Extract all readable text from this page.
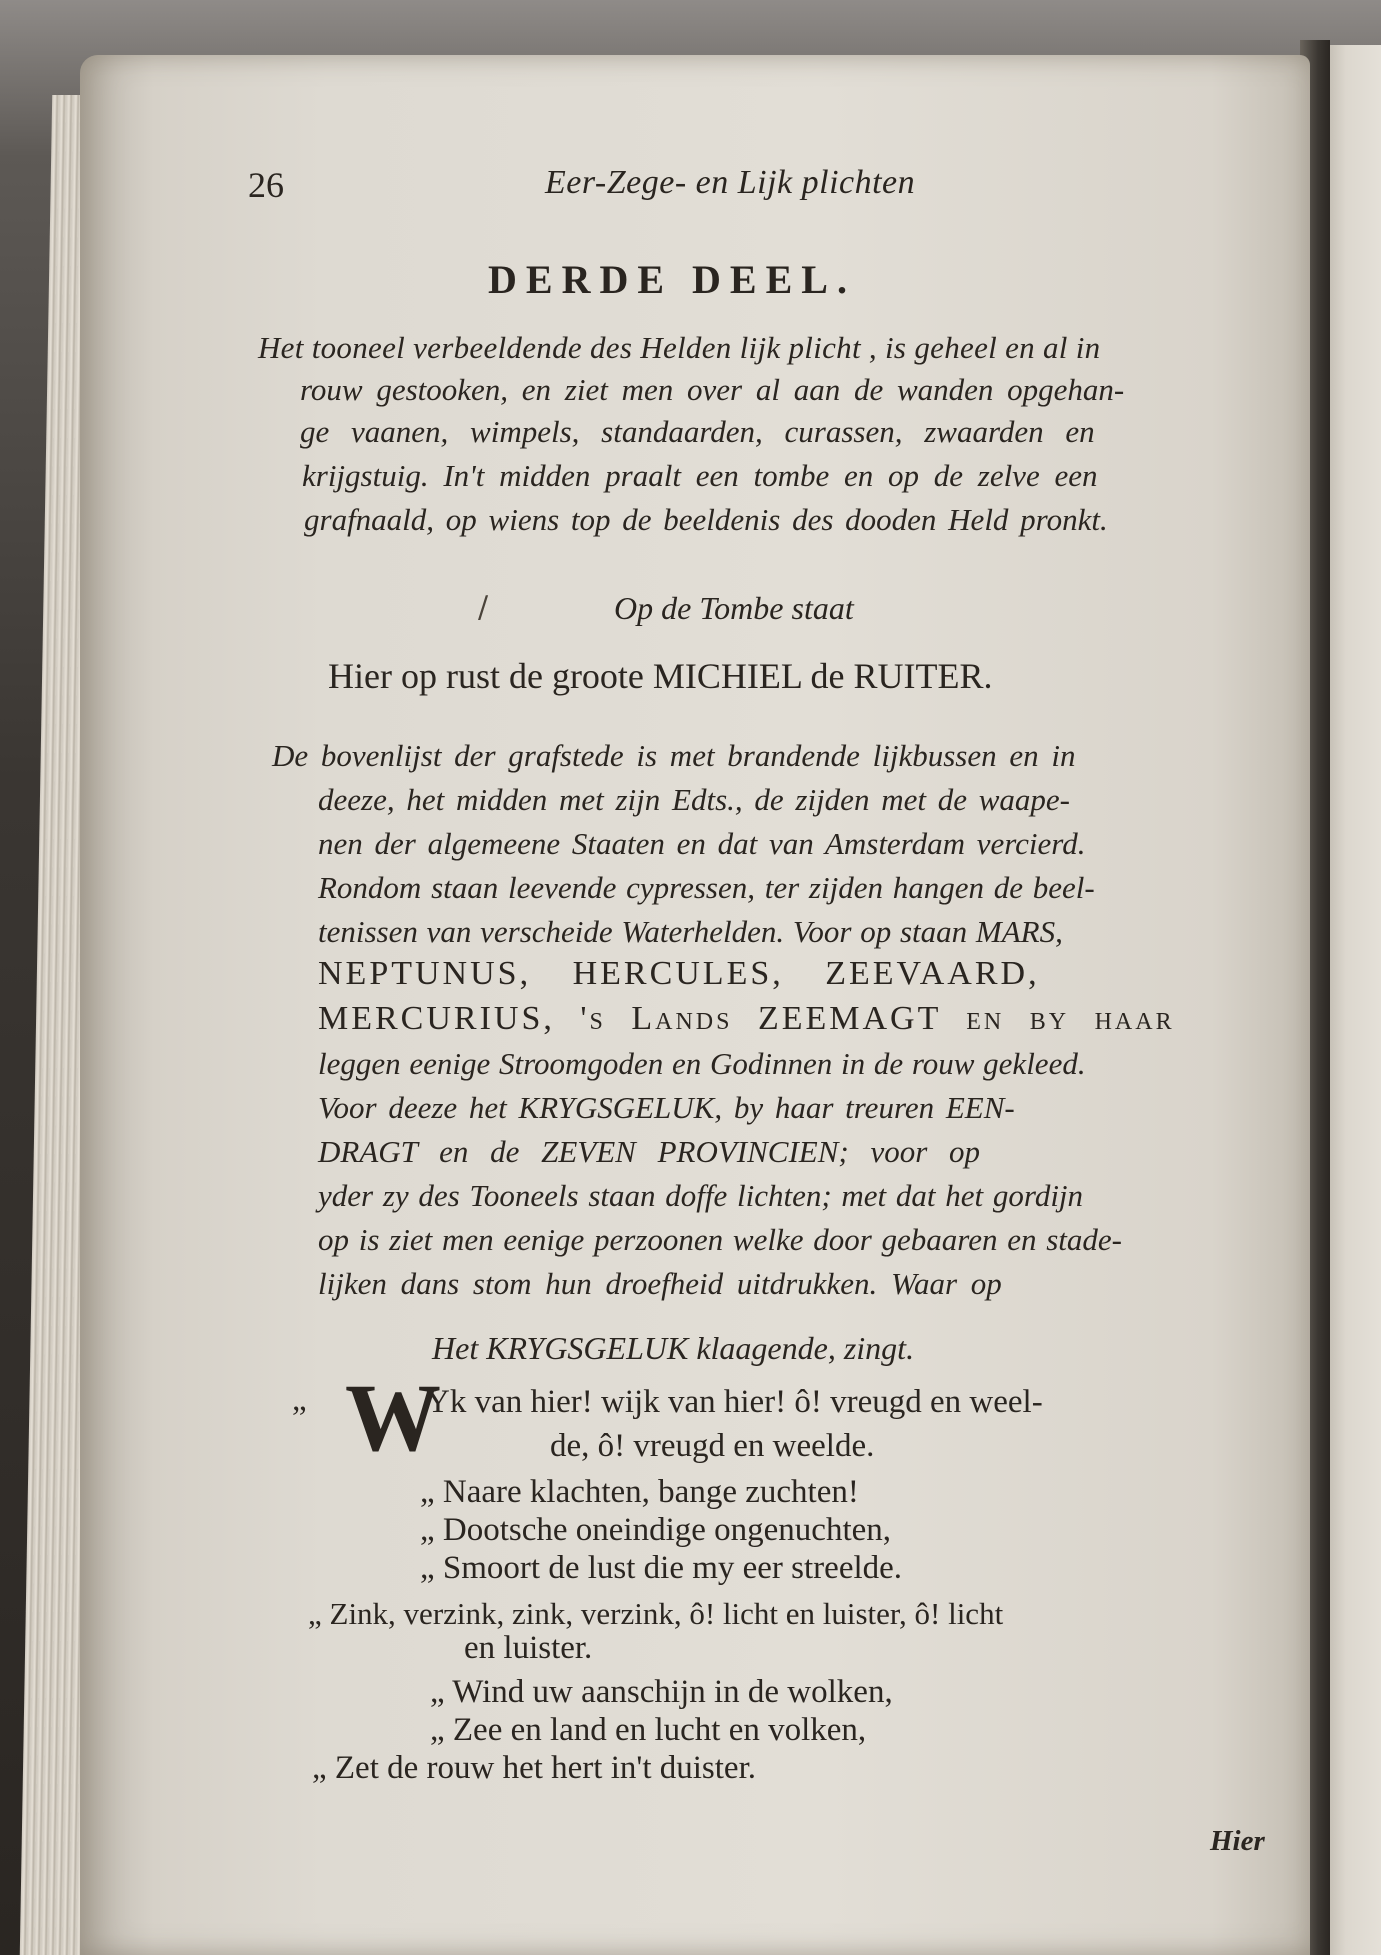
26	Eer-Zege- en Lijk plichten
DERDE DEEL.
Het tooneel verbeeldende des Helden lijk plicht , is geheel en al in
rouw gestooken, en ziet men over al aan de wanden opgehan-
ge vaanen, wimpels, standaarden, curassen, zwaarden en
krijgstuig. In't midden praalt een tombe en op de zelve een
grafnaald, op wiens top de beeldenis des dooden Held pronkt.
/	Op de Tombe staat
Hier op rust de groote MICHIEL de RUITER.
De bovenlijst der grafstede is met brandende lijkbussen en in
deeze, het midden met zijn Edts., de zijden met de waape-
nen der algemeene Staaten en dat van Amsterdam vercierd.
Rondom staan leevende cypressen, ter zijden hangen de beel-
tenissen van verscheide Waterhelden. Voor op staan MARS,
NEPTUNUS, HERCULES, ZEEVAARD,
MERCURIUS, 's Lands ZEEMAGT en by haar
leggen eenige Stroomgoden en Godinnen in de rouw gekleed.
Voor deeze het KRYGSGELUK, by haar treuren EEN-
DRAGT en de ZEVEN PROVINCIEN; voor op
yder zy des Tooneels staan doffe lichten; met dat het gordijn
op is ziet men eenige perzoonen welke door gebaaren en stade-
lijken dans stom hun droefheid uitdrukken. Waar op
Het KRYGSGELUK klaagende, zingt.
„ W
Yk van hier! wijk van hier! ô! vreugd en weel-
de, ô! vreugd en weelde.
„ Naare klachten, bange zuchten!
„ Dootsche oneindige ongenuchten,
„ Smoort de lust die my eer streelde.
„ Zink, verzink, zink, verzink, ô! licht en luister, ô! licht
en luister.
„ Wind uw aanschijn in de wolken,
„ Zee en land en lucht en volken,
„ Zet de rouw het hert in't duister.
Hier
